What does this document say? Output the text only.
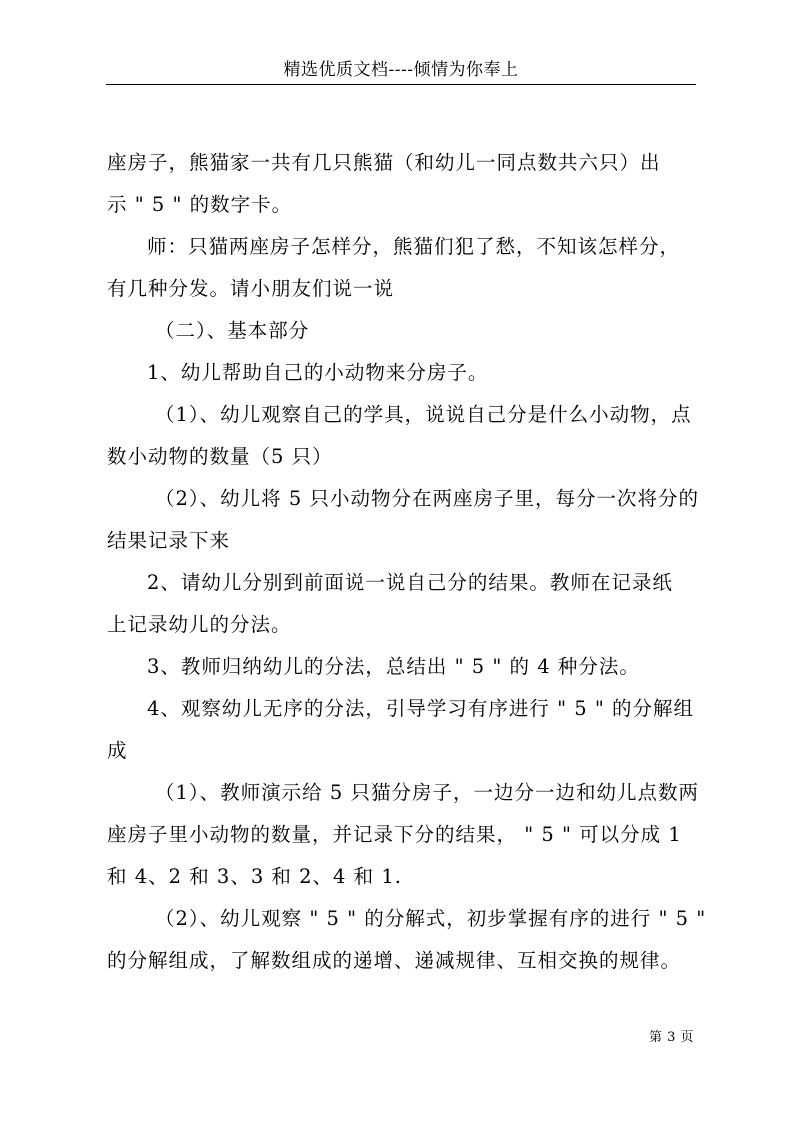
精选优质文档----倾情为你奉上
座房子，熊猫家一共有几只熊猫（和幼儿一同点数共六只）出
示 " 5 " 的数字卡。
师：只猫两座房子怎样分，熊猫们犯了愁，不知该怎样分，
有几种分发。请小朋友们说一说
（二）、基本部分
1、幼儿帮助自己的小动物来分房子。
（1）、幼儿观察自己的学具，说说自己分是什么小动物，点
数小动物的数量（5 只）
（2）、幼儿将 5 只小动物分在两座房子里，每分一次将分的
结果记录下来
2、请幼儿分别到前面说一说自己分的结果。教师在记录纸
上记录幼儿的分法。
3、教师归纳幼儿的分法，总结出 " 5 " 的 4 种分法。
4、观察幼儿无序的分法，引导学习有序进行 " 5 " 的分解组
成
（1）、教师演示给 5 只猫分房子，一边分一边和幼儿点数两
座房子里小动物的数量，并记录下分的结果， " 5 " 可以分成 1
和 4、2 和 3、3 和 2、4 和 1.
（2）、幼儿观察 " 5 " 的分解式，初步掌握有序的进行 " 5 "
的分解组成，了解数组成的递增、递减规律、互相交换的规律。
第 3 页
